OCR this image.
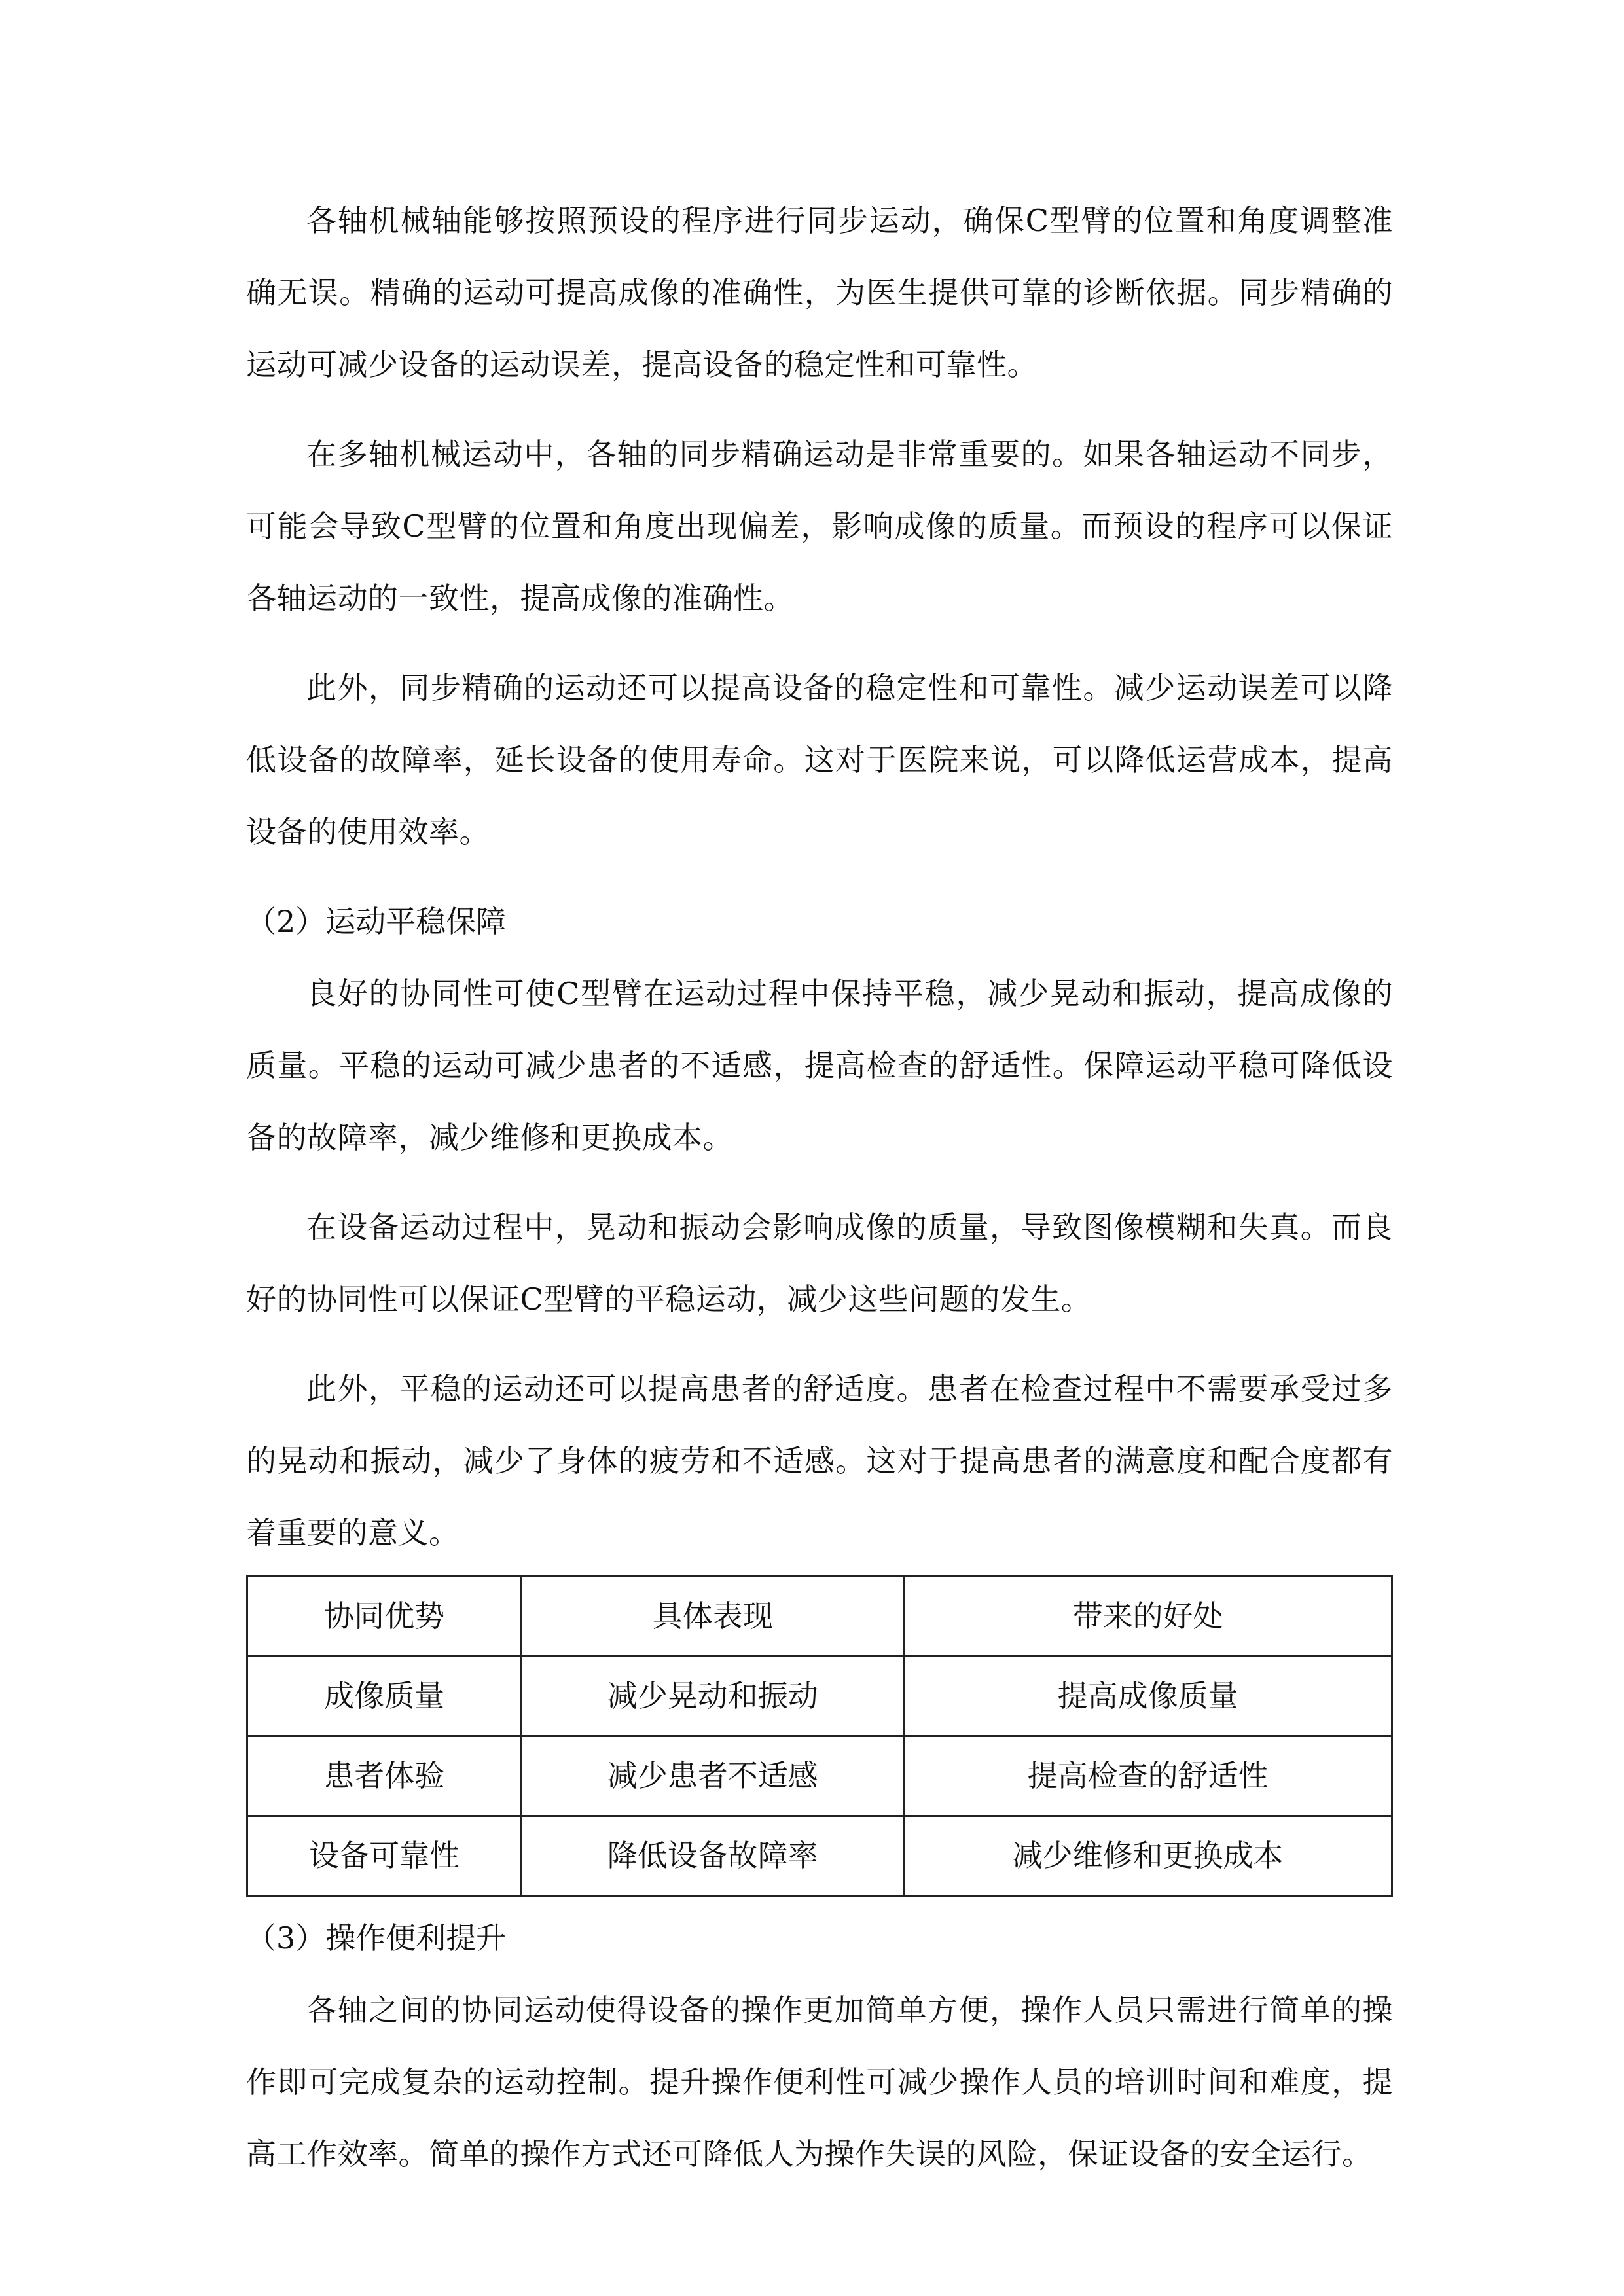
各轴机械轴能够按照预设的程序进行同步运动，确保C型臂的位置和角度调整准确无误。精确的运动可提高成像的准确性，为医生提供可靠的诊断依据。同步精确的运动可减少设备的运动误差，提高设备的稳定性和可靠性。

在多轴机械运动中，各轴的同步精确运动是非常重要的。如果各轴运动不同步，可能会导致C型臂的位置和角度出现偏差，影响成像的质量。而预设的程序可以保证各轴运动的一致性，提高成像的准确性。

此外，同步精确的运动还可以提高设备的稳定性和可靠性。减少运动误差可以降低设备的故障率，延长设备的使用寿命。这对于医院来说，可以降低运营成本，提高设备的使用效率。

（2）运动平稳保障

良好的协同性可使C型臂在运动过程中保持平稳，减少晃动和振动，提高成像的质量。平稳的运动可减少患者的不适感，提高检查的舒适性。保障运动平稳可降低设备的故障率，减少维修和更换成本。

在设备运动过程中，晃动和振动会影响成像的质量，导致图像模糊和失真。而良好的协同性可以保证C型臂的平稳运动，减少这些问题的发生。

此外，平稳的运动还可以提高患者的舒适度。患者在检查过程中不需要承受过多的晃动和振动，减少了身体的疲劳和不适感。这对于提高患者的满意度和配合度都有着重要的意义。

协同优势	具体表现	带来的好处
成像质量	减少晃动和振动	提高成像质量
患者体验	减少患者不适感	提高检查的舒适性
设备可靠性	降低设备故障率	减少维修和更换成本

（3）操作便利提升

各轴之间的协同运动使得设备的操作更加简单方便，操作人员只需进行简单的操作即可完成复杂的运动控制。提升操作便利性可减少操作人员的培训时间和难度，提高工作效率。简单的操作方式还可降低人为操作失误的风险，保证设备的安全运行。
